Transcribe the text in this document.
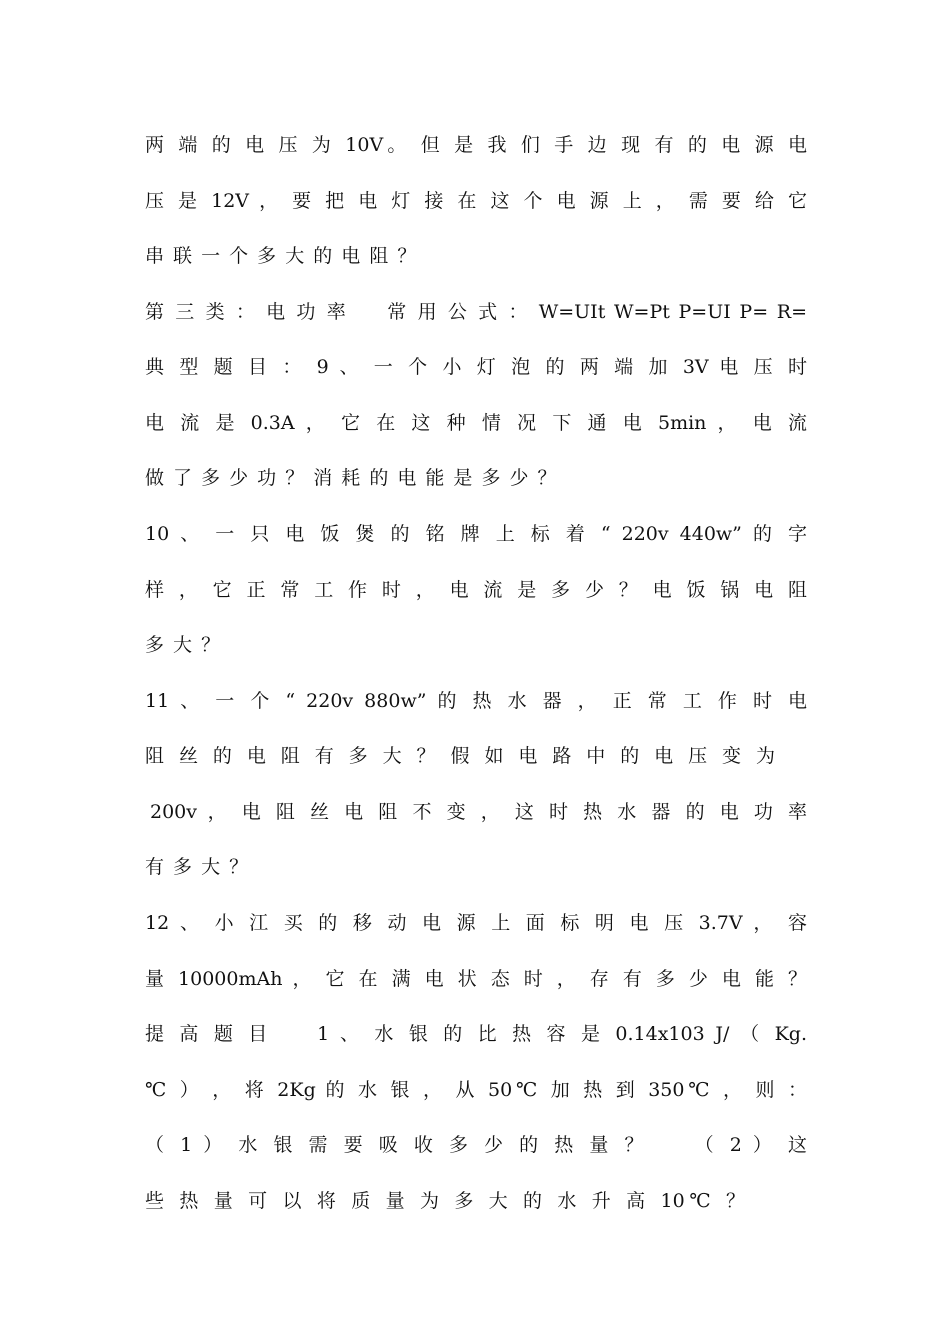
两 端 的 电 压 为 10V。 但 是 我 们 手 边 现 有 的 电 源 电
压 是 12V ， 要 把 电 灯 接 在 这 个 电 源 上 ， 需 要 给 它
串 联 一 个 多 大 的 电 阻 ？
第 三 类 ： 电 功 率 　 常 用 公 式 ： W=UIt W=Pt P=UI P= R=
典 型 题 目 ： 9 、 一 个 小 灯 泡 的 两 端 加 3V 电 压 时
电 流 是 0.3A ， 它 在 这 种 情 况 下 通 电 5min ， 电 流
做 了 多 少 功 ？ 消 耗 的 电 能 是 多 少 ？
10 、 一 只 电 饭 煲 的 铭 牌 上 标 着 “ 220v 440w” 的 字
样 ， 它 正 常 工 作 时 ， 电 流 是 多 少 ？ 电 饭 锅 电 阻
多 大 ？
11 、 一 个 “ 220v 880w” 的 热 水 器 ， 正 常 工 作 时 电
阻 丝 的 电 阻 有 多 大 ？ 假 如 电 路 中 的 电 压 变 为
200v ， 电 阻 丝 电 阻 不 变 ， 这 时 热 水 器 的 电 功 率
有 多 大 ？
12 、 小 江 买 的 移 动 电 源 上 面 标 明 电 压 3.7V ， 容
量 10000mAh ， 它 在 满 电 状 态 时 ， 存 有 多 少 电 能 ？
提 高 题 目 　 1 、 水 银 的 比 热 容 是 0.14x103 J/ （ Kg.
℃ ） ， 将 2Kg 的 水 银 ， 从 50℃ 加 热 到 350℃ ， 则 ：
（ 1 ） 水 银 需 要 吸 收 多 少 的 热 量 ？ 　 （ 2 ） 这
些 热 量 可 以 将 质 量 为 多 大 的 水 升 高 10℃ ？
